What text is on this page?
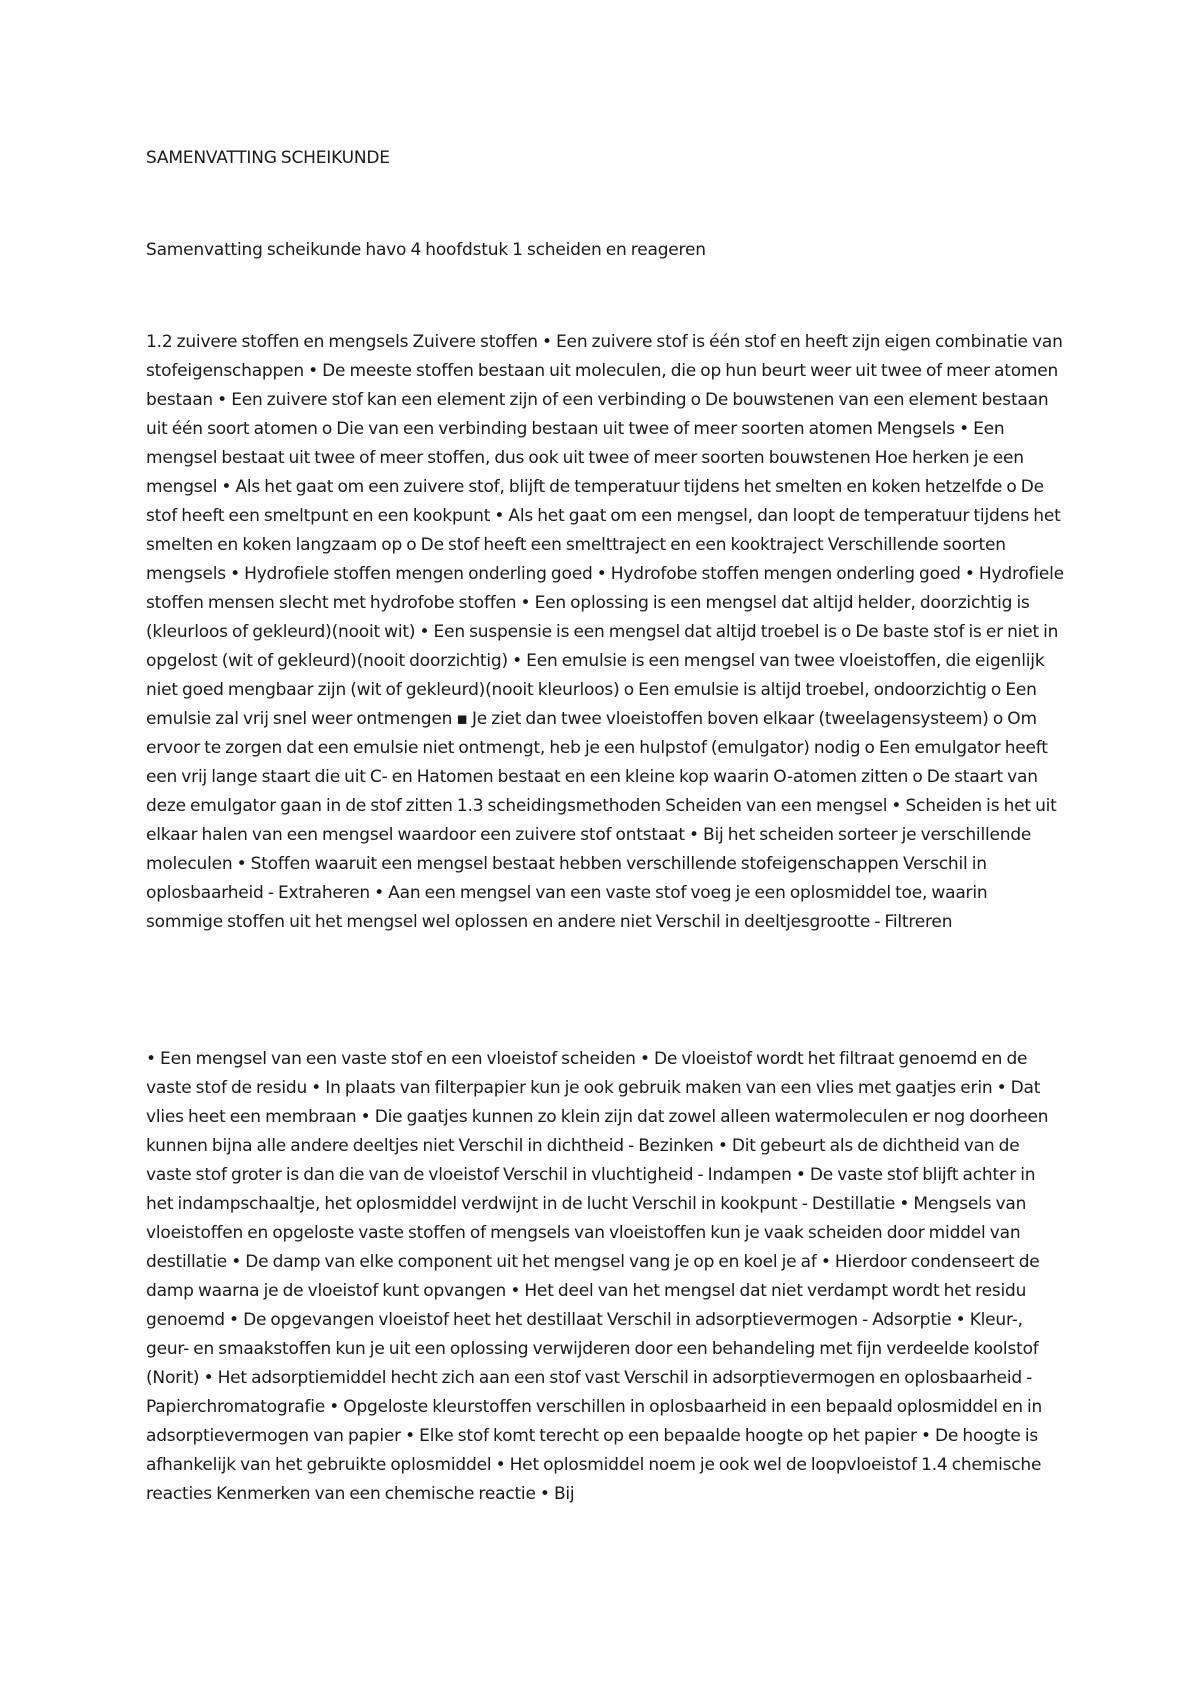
SAMENVATTING SCHEIKUNDE
Samenvatting scheikunde havo 4 hoofdstuk 1 scheiden en reageren
1.2 zuivere stoffen en mengsels Zuivere stoffen • Een zuivere stof is één stof en heeft zijn eigen combinatie van stofeigenschappen • De meeste stoffen bestaan uit moleculen, die op hun beurt weer uit twee of meer atomen bestaan • Een zuivere stof kan een element zijn of een verbinding o De bouwstenen van een element bestaan uit één soort atomen o Die van een verbinding bestaan uit twee of meer soorten atomen Mengsels • Een mengsel bestaat uit twee of meer stoffen, dus ook uit twee of meer soorten bouwstenen Hoe herken je een mengsel • Als het gaat om een zuivere stof, blijft de temperatuur tijdens het smelten en koken hetzelfde o De stof heeft een smeltpunt en een kookpunt • Als het gaat om een mengsel, dan loopt de temperatuur tijdens het smelten en koken langzaam op o De stof heeft een smelttraject en een kooktraject Verschillende soorten mengsels • Hydrofiele stoffen mengen onderling goed • Hydrofobe stoffen mengen onderling goed • Hydrofiele stoffen mensen slecht met hydrofobe stoffen • Een oplossing is een mengsel dat altijd helder, doorzichtig is (kleurloos of gekleurd)(nooit wit) • Een suspensie is een mengsel dat altijd troebel is o De baste stof is er niet in opgelost (wit of gekleurd)(nooit doorzichtig) • Een emulsie is een mengsel van twee vloeistoffen, die eigenlijk niet goed mengbaar zijn (wit of gekleurd)(nooit kleurloos) o Een emulsie is altijd troebel, ondoorzichtig o Een emulsie zal vrij snel weer ontmengen ▪ Je ziet dan twee vloeistoffen boven elkaar (tweelagensysteem) o Om ervoor te zorgen dat een emulsie niet ontmengt, heb je een hulpstof (emulgator) nodig o Een emulgator heeft een vrij lange staart die uit C- en Hatomen bestaat en een kleine kop waarin O-atomen zitten o De staart van deze emulgator gaan in de stof zitten 1.3 scheidingsmethoden Scheiden van een mengsel • Scheiden is het uit elkaar halen van een mengsel waardoor een zuivere stof ontstaat • Bij het scheiden sorteer je verschillende moleculen • Stoffen waaruit een mengsel bestaat hebben verschillende stofeigenschappen Verschil in oplosbaarheid - Extraheren • Aan een mengsel van een vaste stof voeg je een oplosmiddel toe, waarin sommige stoffen uit het mengsel wel oplossen en andere niet Verschil in deeltjesgrootte - Filtreren
• Een mengsel van een vaste stof en een vloeistof scheiden • De vloeistof wordt het filtraat genoemd en de vaste stof de residu • In plaats van filterpapier kun je ook gebruik maken van een vlies met gaatjes erin • Dat vlies heet een membraan • Die gaatjes kunnen zo klein zijn dat zowel alleen watermoleculen er nog doorheen kunnen bijna alle andere deeltjes niet Verschil in dichtheid - Bezinken • Dit gebeurt als de dichtheid van de vaste stof groter is dan die van de vloeistof Verschil in vluchtigheid - Indampen • De vaste stof blijft achter in het indampschaaltje, het oplosmiddel verdwijnt in de lucht Verschil in kookpunt - Destillatie • Mengsels van vloeistoffen en opgeloste vaste stoffen of mengsels van vloeistoffen kun je vaak scheiden door middel van destillatie • De damp van elke component uit het mengsel vang je op en koel je af • Hierdoor condenseert de damp waarna je de vloeistof kunt opvangen • Het deel van het mengsel dat niet verdampt wordt het residu genoemd • De opgevangen vloeistof heet het destillaat Verschil in adsorptievermogen - Adsorptie • Kleur-, geur- en smaakstoffen kun je uit een oplossing verwijderen door een behandeling met fijn verdeelde koolstof (Norit) • Het adsorptiemiddel hecht zich aan een stof vast Verschil in adsorptievermogen en oplosbaarheid - Papierchromatografie • Opgeloste kleurstoffen verschillen in oplosbaarheid in een bepaald oplosmiddel en in adsorptievermogen van papier • Elke stof komt terecht op een bepaalde hoogte op het papier • De hoogte is afhankelijk van het gebruikte oplosmiddel • Het oplosmiddel noem je ook wel de loopvloeistof 1.4 chemische reacties Kenmerken van een chemische reactie • Bij
